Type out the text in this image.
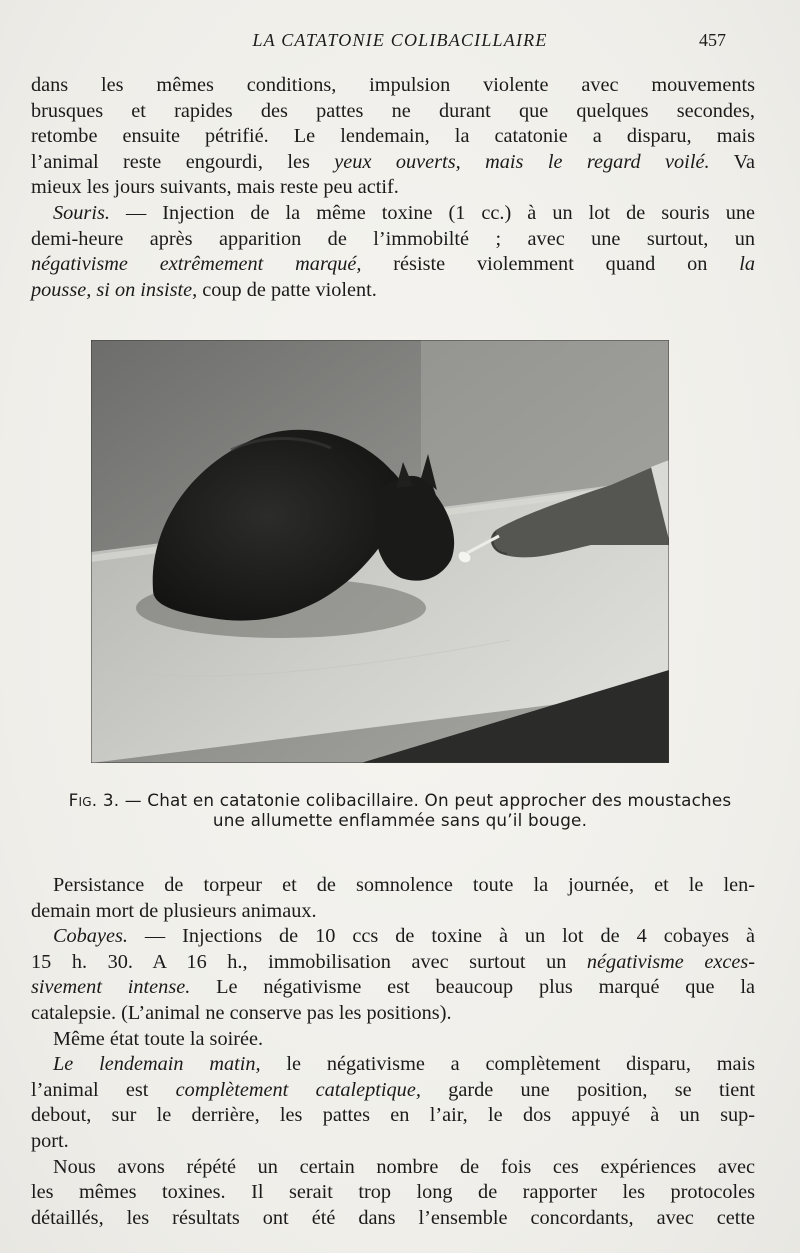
LA CATATONIE COLIBACILLAIRE	457
dans les mêmes conditions, impulsion violente avec mouvements
brusques et rapides des pattes ne durant que quelques secondes,
retombe ensuite pétrifié. Le lendemain, la catatonie a disparu, mais
l’animal reste engourdi, les yeux ouverts, mais le regard voilé. Va
mieux les jours suivants, mais reste peu actif.
Souris. — Injection de la même toxine (1 cc.) à un lot de souris une
demi-heure après apparition de l’immobilté ; avec une surtout, un
négativisme extrêmement marqué, résiste violemment quand on la
pousse, si on insiste, coup de patte violent.
Fig. 3. — Chat en catatonie colibacillaire. On peut approcher des moustaches
une allumette enflammée sans qu’il bouge.
Persistance de torpeur et de somnolence toute la journée, et le len-
demain mort de plusieurs animaux.
Cobayes. — Injections de 10 ccs de toxine à un lot de 4 cobayes à
15 h. 30. A 16 h., immobilisation avec surtout un négativisme exces-
sivement intense. Le négativisme est beaucoup plus marqué que la
catalepsie. (L’animal ne conserve pas les positions).
Même état toute la soirée.
Le lendemain matin, le négativisme a complètement disparu, mais
l’animal est complètement cataleptique, garde une position, se tient
debout, sur le derrière, les pattes en l’air, le dos appuyé à un sup-
port.
Nous avons répété un certain nombre de fois ces expériences avec
les mêmes toxines. Il serait trop long de rapporter les protocoles
détaillés, les résultats ont été dans l’ensemble concordants, avec cette
